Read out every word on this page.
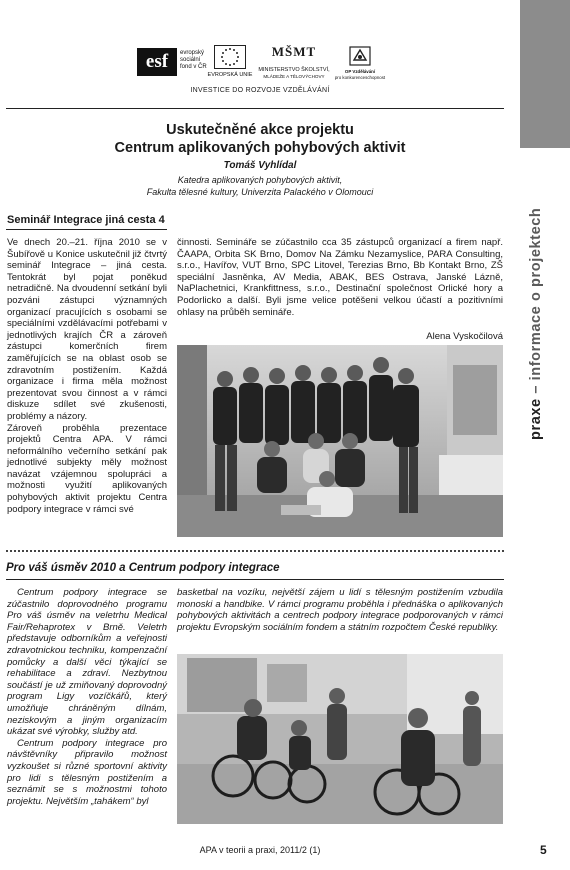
esf	evropský
sociální
fond v ČR
EVROPSKÁ UNIE
MŠMT
MINISTERSTVO ŠKOLSTVÍ,
MLÁDEŽE A TĚLOVÝCHOVY
OP Vzdělávání
pro konkurenceschopnost
INVESTICE DO ROZVOJE VZDĚLÁVÁNÍ
praxe – informace o projektech
Uskutečněné akce projektu
Centrum aplikovaných pohybových aktivit
Tomáš Vyhlídal
Katedra aplikovaných pohybových aktivit,
Fakulta tělesné kultury, Univerzita Palackého v Olomouci
Seminář Integrace jiná cesta 4

Ve dnech 20.–21. října 2010 se v Šubířově u Konice uskutečnil již čtvrtý seminář Integrace – jiná cesta. Tentokrát byl pojat poněkud netradičně. Na dvoudenní setkání byli pozváni zástupci významných organizací pracujících s osobami se speciálními vzdělávacími potřebami v jednotlivých krajích ČR a zároveň zástupci komerčních firem zaměřujících se na oblast osob se zdravotním postižením. Každá organizace i firma měla možnost prezentovat svou činnost a v rámci diskuze sdílet své zkušenosti, problémy a názory.

Zároveň proběhla prezentace projektů Centra APA. V rámci neformálního večerního setkání pak jednotlivé subjekty měly možnost navázat vzájemnou spolupráci a možnosti využití aplikovaných pohybových aktivit projektu Centra podpory integrace v rámci své

činnosti. Semináře se zúčastnilo cca 35 zástupců organizací a firem např. ČAAPA, Orbita SK Brno, Domov Na Zámku Nezamyslice, PARA Consulting, s.r.o., Havířov, VUT Brno, SPC Litovel, Terezias Brno, Bb Kontakt Brno, ZŠ speciální Jasněnka, AV Media, ABAK, BES Ostrava, Janské Lázně, NaPlachetnici, Krankfittness, s.r.o., Destinační společnost Orlické hory a Podorlicko a další. Byli jsme velice potěšeni velkou účastí a pozitivními ohlasy na průběh semináře.
Alena Vyskočilová
Pro váš úsměv 2010 a Centrum podpory integrace

Centrum podpory integrace se zúčastnilo doprovodného programu Pro váš úsměv na veletrhu Medical Fair/Rehaprotex v Brně. Veletrh představuje odborníkům a veřejnosti zdravotnickou techniku, kompenzační pomůcky a další věci týkající se rehabilitace a zdraví. Nezbytnou součástí je už zmiňovaný doprovodný program Ligy vozíčkářů, který umožňuje chráněným dílnám, neziskovým a jiným organizacím ukázat své výrobky, služby atd.

Centrum podpory integrace pro návštěvníky připravilo možnost vyzkoušet si různé sportovní aktivity pro lidi s tělesným postižením a seznámit se s možnostmi tohoto projektu. Největším „tahákem“ byl

basketbal na vozíku, největší zájem u lidí s tělesným postižením vzbudila monoski a handbike. V rámci programu proběhla i přednáška o aplikovaných pohybových aktivitách a centrech podpory integrace podporovaných v rámci projektu Evropským sociálním fondem a státním rozpočtem České republiky.
APA v teorii a praxi, 2011/2 (1)	5
